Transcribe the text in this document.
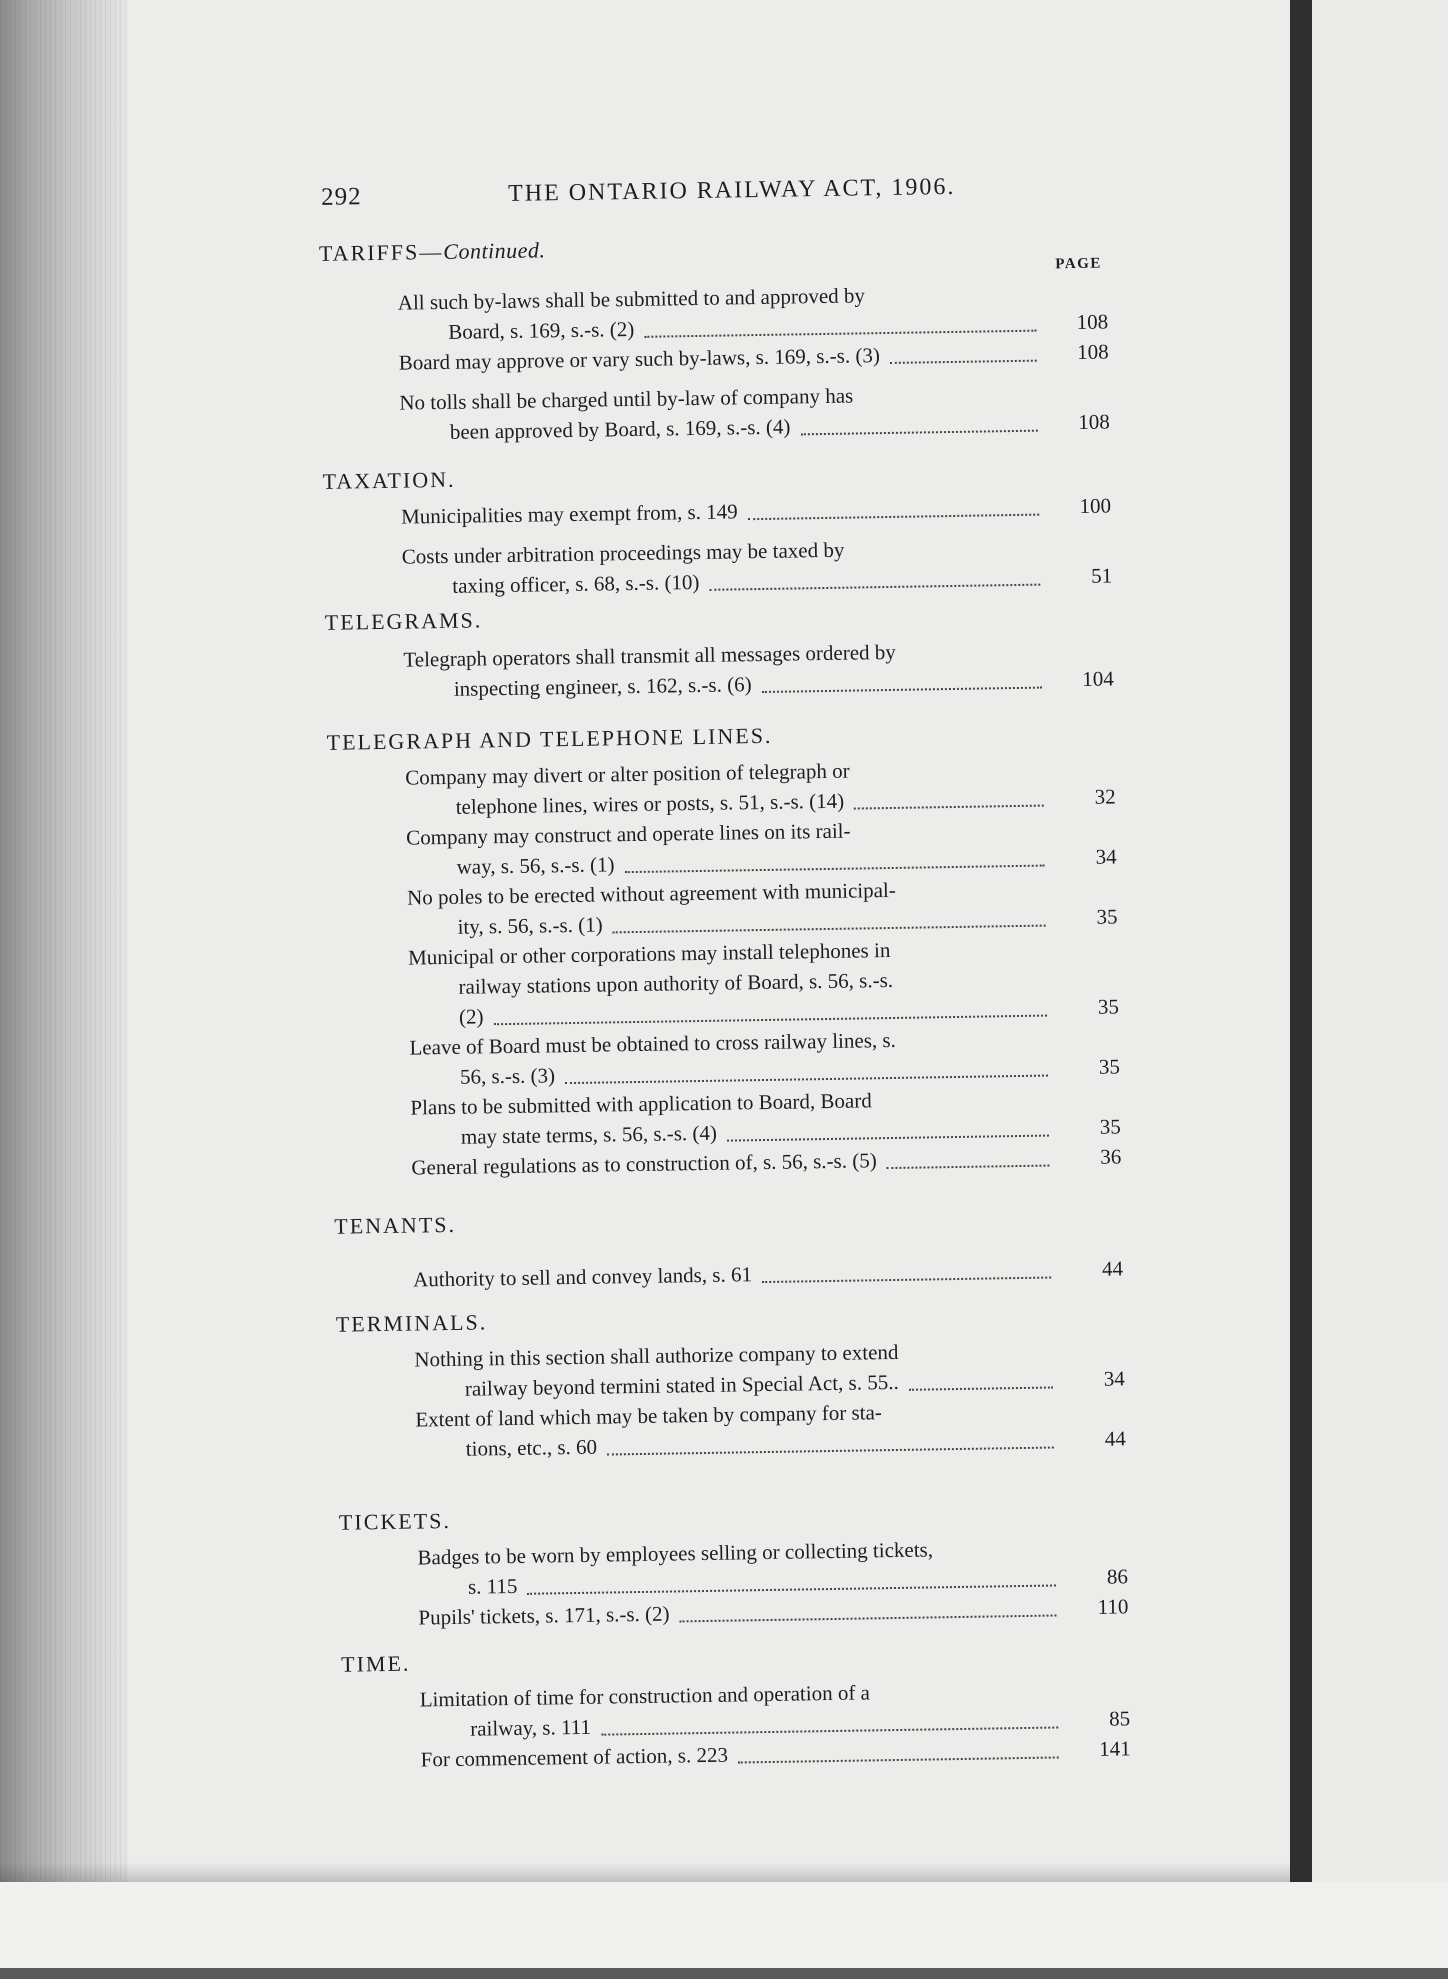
292	THE ONTARIO RAILWAY ACT, 1906.
PAGE
TARIFFS—Continued.
All such by-laws shall be submitted to and approved by
Board, s. 169, s.-s. (2)	108
Board may approve or vary such by-laws, s. 169, s.-s. (3)	108
No tolls shall be charged until by-law of company has
been approved by Board, s. 169, s.-s. (4)	108
TAXATION.
Municipalities may exempt from, s. 149	100
Costs under arbitration proceedings may be taxed by
taxing officer, s. 68, s.-s. (10)	51
TELEGRAMS.
Telegraph operators shall transmit all messages ordered by
inspecting engineer, s. 162, s.-s. (6)	104
TELEGRAPH AND TELEPHONE LINES.
Company may divert or alter position of telegraph or
telephone lines, wires or posts, s. 51, s.-s. (14)	32
Company may construct and operate lines on its rail-
way, s. 56, s.-s. (1)	34
No poles to be erected without agreement with municipal-
ity, s. 56, s.-s. (1)	35
Municipal or other corporations may install telephones in
railway stations upon authority of Board, s. 56, s.-s.
(2)	35
Leave of Board must be obtained to cross railway lines, s.
56, s.-s. (3)	35
Plans to be submitted with application to Board, Board
may state terms, s. 56, s.-s. (4)	35
General regulations as to construction of, s. 56, s.-s. (5)	36
TENANTS.
Authority to sell and convey lands, s. 61	44
TERMINALS.
Nothing in this section shall authorize company to extend
railway beyond termini stated in Special Act, s. 55..	34
Extent of land which may be taken by company for sta-
tions, etc., s. 60	44
TICKETS.
Badges to be worn by employees selling or collecting tickets,
s. 115	86
Pupils' tickets, s. 171, s.-s. (2)	110
TIME.
Limitation of time for construction and operation of a
railway, s. 111	85
For commencement of action, s. 223	141
